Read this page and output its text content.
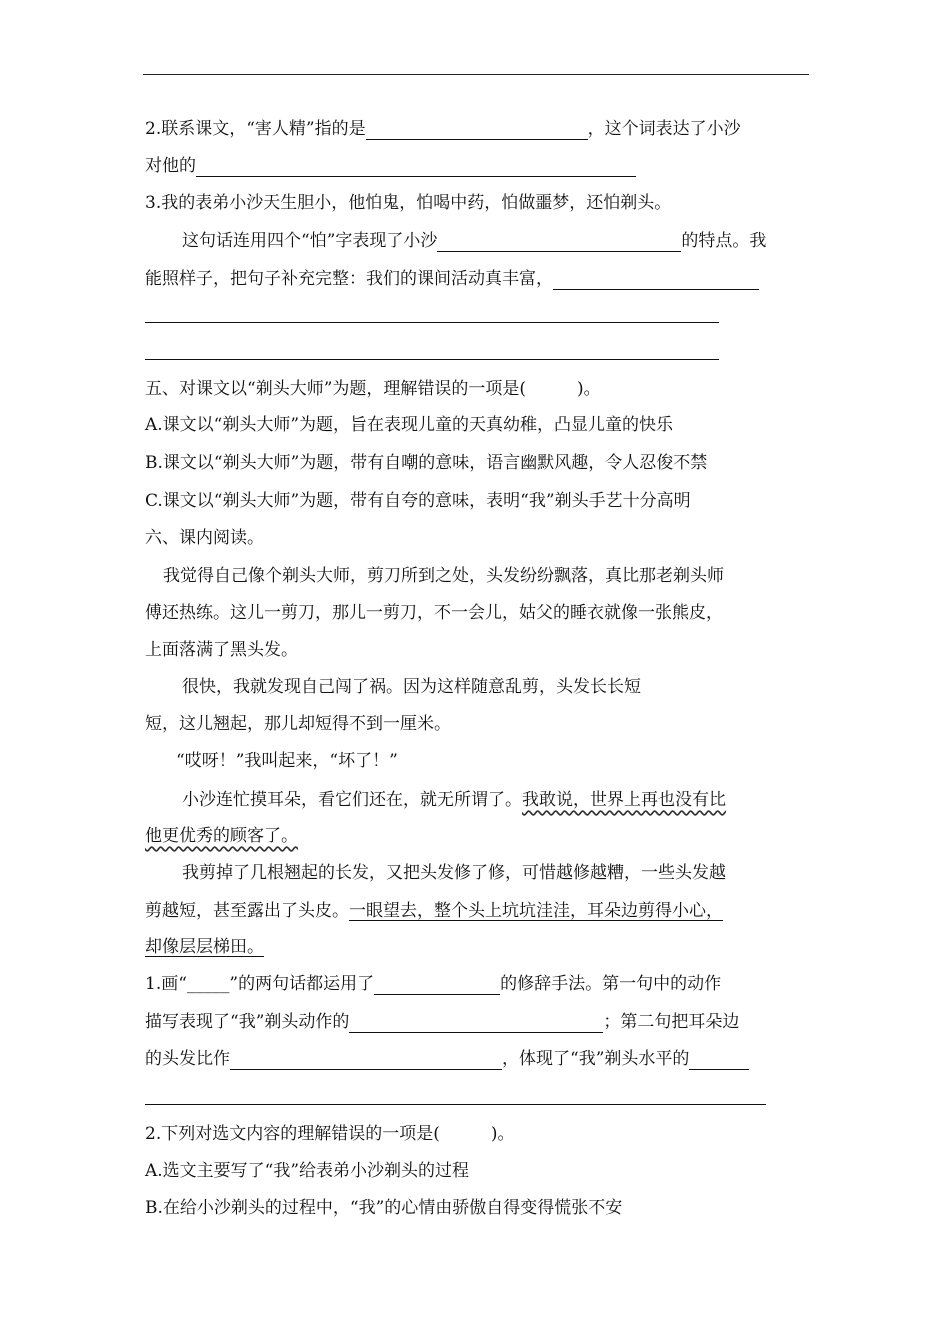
2.联系课文，“害人精”指的是	，这个词表达了小沙
对他的
3.我的表弟小沙天生胆小，他怕鬼，怕喝中药，怕做噩梦，还怕剃头。
这句话连用四个“怕”字表现了小沙	的特点。我
能照样子，把句子补充完整：我们的课间活动真丰富，
五、对课文以“剃头大师”为题，理解错误的一项是(　　　)。
A.课文以“剃头大师”为题，旨在表现儿童的天真幼稚，凸显儿童的快乐
B.课文以“剃头大师”为题，带有自嘲的意味，语言幽默风趣，令人忍俊不禁
C.课文以“剃头大师”为题，带有自夸的意味，表明“我”剃头手艺十分高明
六、课内阅读。
我觉得自己像个剃头大师，剪刀所到之处，头发纷纷飘落，真比那老剃头师
傅还热练。这儿一剪刀，那儿一剪刀，不一会儿，姑父的睡衣就像一张熊皮，
上面落满了黑头发。
很快，我就发现自己闯了祸。因为这样随意乱剪，头发长长短
短，这儿翘起，那儿却短得不到一厘米。
“哎呀！”我叫起来，“坏了！”
小沙连忙摸耳朵，看它们还在，就无所谓了。我敢说，世界上再也没有比
他更优秀的顾客了。
我剪掉了几根翘起的长发，又把头发修了修，可惜越修越糟，一些头发越
剪越短，甚至露出了头皮。一眼望去，整个头上坑坑洼洼，耳朵边剪得小心，
却像层层梯田。
1.画“_____”的两句话都运用了	的修辞手法。第一句中的动作
描写表现了“我”剃头动作的	；第二句把耳朵边
的头发比作	，体现了“我”剃头水平的
2.下列对选文内容的理解错误的一项是(　　　)。
A.选文主要写了“我”给表弟小沙剃头的过程
B.在给小沙剃头的过程中，“我”的心情由骄傲自得变得慌张不安
